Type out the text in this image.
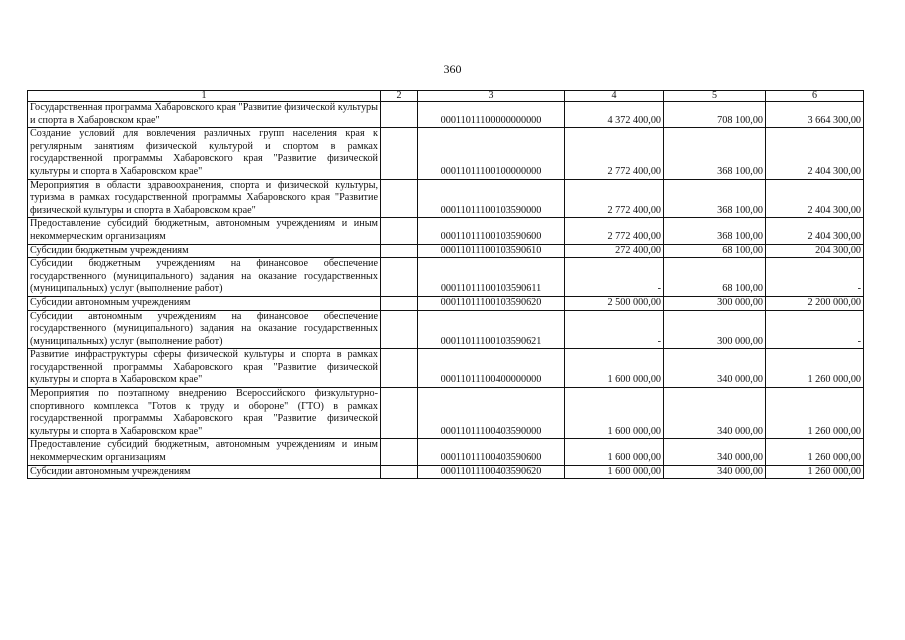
360
1	2	3	4	5	6
Государственная программа Хабаровского края "Развитие физической культуры и спорта в Хабаровском крае"		00011011100000000000	4 372 400,00	708 100,00	3 664 300,00
Создание условий для вовлечения различных групп населения края к регулярным занятиям физической культурой и спортом в рамках государственной программы Хабаровского края "Развитие физической культуры и спорта в Хабаровском крае"		00011011100100000000	2 772 400,00	368 100,00	2 404 300,00
Мероприятия в области здравоохранения, спорта и физической культуры, туризма в рамках государственной программы Хабаровского края "Развитие физической культуры и спорта в Хабаровском крае"		00011011100103590000	2 772 400,00	368 100,00	2 404 300,00
Предоставление субсидий бюджетным, автономным учреждениям и иным некоммерческим организациям		00011011100103590600	2 772 400,00	368 100,00	2 404 300,00
Субсидии бюджетным учреждениям		00011011100103590610	272 400,00	68 100,00	204 300,00
Субсидии бюджетным учреждениям на финансовое обеспечение государственного (муниципального) задания на оказание государственных (муниципальных) услуг (выполнение работ)		00011011100103590611	-	68 100,00	-
Субсидии автономным учреждениям		00011011100103590620	2 500 000,00	300 000,00	2 200 000,00
Субсидии автономным учреждениям на финансовое обеспечение государственного (муниципального) задания на оказание государственных (муниципальных) услуг (выполнение работ)		00011011100103590621	-	300 000,00	-
Развитие инфраструктуры сферы физической культуры и спорта в рамках государственной программы Хабаровского края "Развитие физической культуры и спорта в Хабаровском крае"		00011011100400000000	1 600 000,00	340 000,00	1 260 000,00
Мероприятия по поэтапному внедрению Всероссийского физкультурно-спортивного комплекса "Готов к труду и обороне" (ГТО) в рамках государственной программы Хабаровского края "Развитие физической культуры и спорта в Хабаровском крае"		00011011100403590000	1 600 000,00	340 000,00	1 260 000,00
Предоставление субсидий бюджетным, автономным учреждениям и иным некоммерческим организациям		00011011100403590600	1 600 000,00	340 000,00	1 260 000,00
Субсидии автономным учреждениям		00011011100403590620	1 600 000,00	340 000,00	1 260 000,00
